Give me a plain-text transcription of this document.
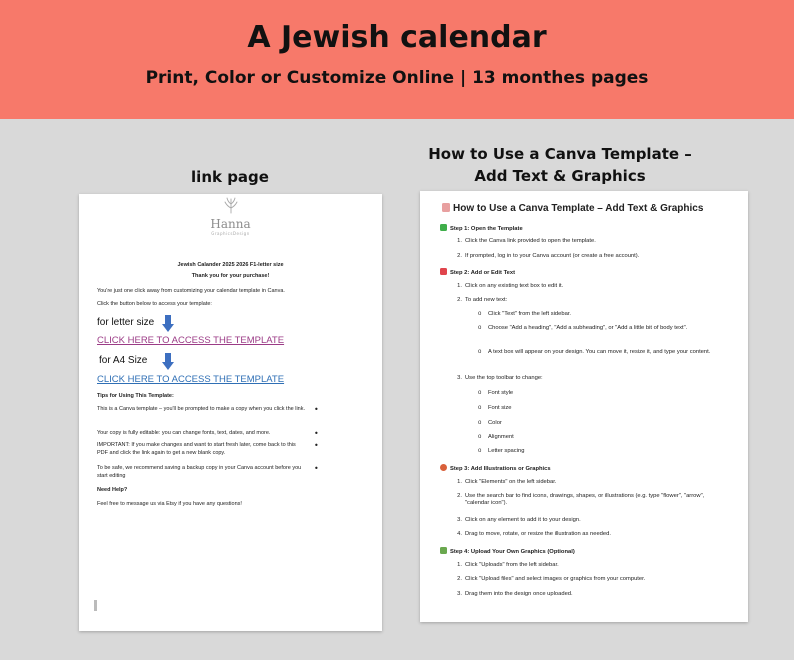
A Jewish calendar
Print, Color or Customize Online | 13 monthes pages
link page
How to Use a Canva Template –
Add Text & Graphics
Hanna
GraphicsDesign
Jewish Calander 2025 2026 F1-letter size
Thank you for your purchase!
You're just one click away from customizing your calendar template in Canva.
Click the button below to access your template:
for letter size
CLICK HERE TO ACCESS THE TEMPLATE
for A4 Size
CLICK HERE TO ACCESS THE TEMPLATE
Tips for Using This Template:
This is a Canva template – you'll be prompted to make a copy when you click the link. •
Your copy is fully editable: you can change fonts, text, dates, and more.	•
IMPORTANT: If you make changes and want to start fresh later, come back to this PDF and click the link again to get a new blank copy.
•
To be safe, we recommend saving a backup copy in your Canva account before you start editing
•
Need Help?
Feel free to message us via Etsy if you have any questions!
How to Use a Canva Template – Add Text & Graphics
Step 1: Open the Template
1. Click the Canva link provided to open the template.
2. If prompted, log in to your Canva account (or create a free account).
Step 2: Add or Edit Text
1. Click on any existing text box to edit it.
2. To add new text:
o Click "Text" from the left sidebar.
o Choose "Add a heading", "Add a subheading", or "Add a little bit of body text".
o A text box will appear on your design. You can move it, resize it, and type your content.
3. Use the top toolbar to change:
o Font style
o Font size
o Color
o Alignment
o Letter spacing
Step 3: Add Illustrations or Graphics
1. Click "Elements" on the left sidebar.
2. Use the search bar to find icons, drawings, shapes, or illustrations (e.g. type "flower", "arrow", "calendar icon").
3. Click on any element to add it to your design.
4. Drag to move, rotate, or resize the illustration as needed.
Step 4: Upload Your Own Graphics (Optional)
1. Click "Uploads" from the left sidebar.
2. Click "Upload files" and select images or graphics from your computer.
3. Drag them into the design once uploaded.
